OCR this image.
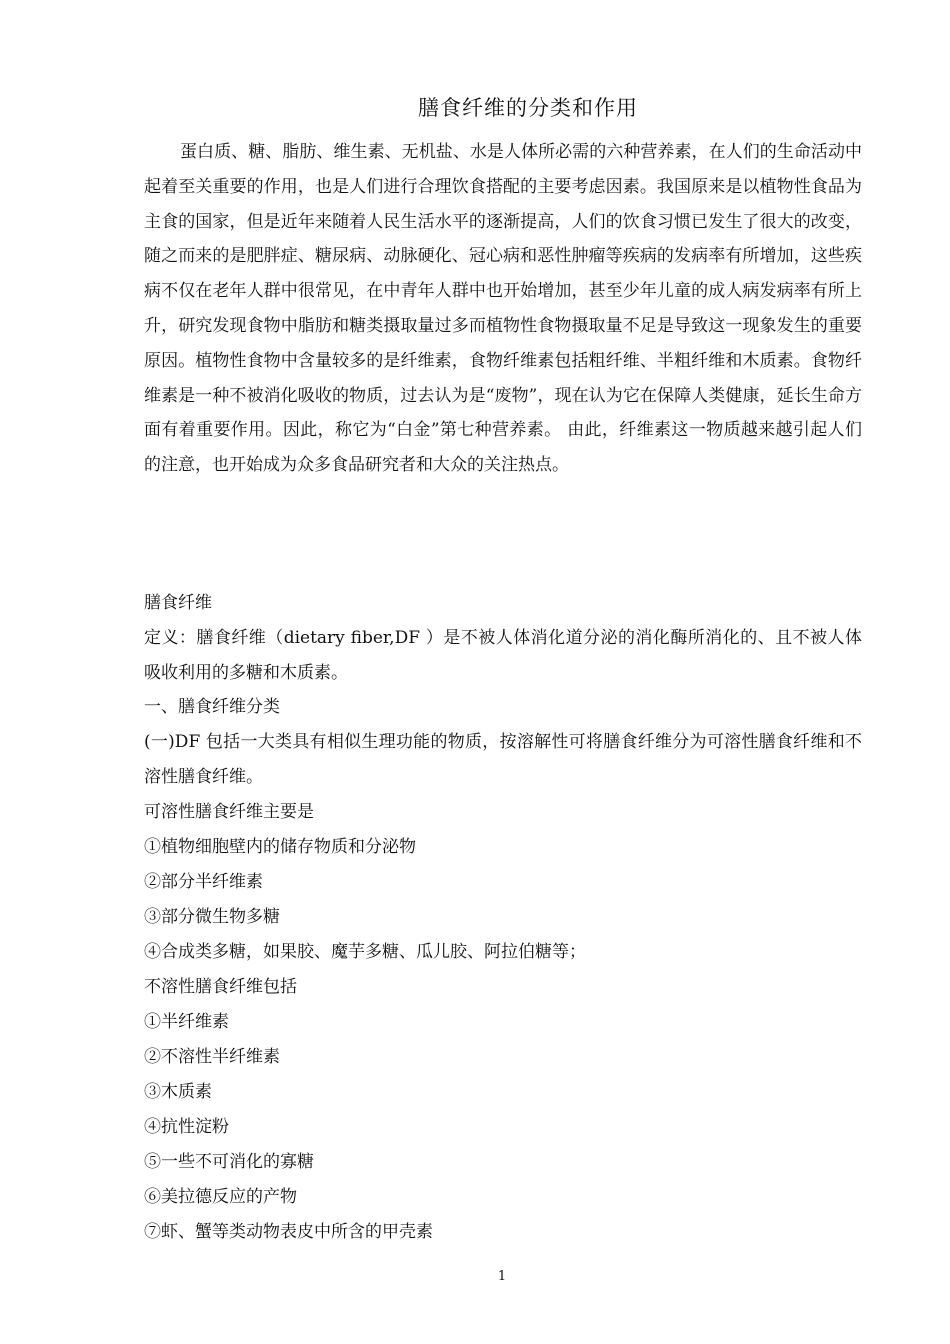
膳食纤维的分类和作用

蛋白质、糖、脂肪、维生素、无机盐、水是人体所必需的六种营养素，在人们的生命活动中起着至关重要的作用，也是人们进行合理饮食搭配的主要考虑因素。我国原来是以植物性食品为主食的国家，但是近年来随着人民生活水平的逐渐提高，人们的饮食习惯已发生了很大的改变，随之而来的是肥胖症、糖尿病、动脉硬化、冠心病和恶性肿瘤等疾病的发病率有所增加，这些疾病不仅在老年人群中很常见，在中青年人群中也开始增加，甚至少年儿童的成人病发病率有所上升，研究发现食物中脂肪和糖类摄取量过多而植物性食物摄取量不足是导致这一现象发生的重要原因。植物性食物中含量较多的是纤维素，食物纤维素包括粗纤维、半粗纤维和木质素。食物纤维素是一种不被消化吸收的物质，过去认为是“废物”，现在认为它在保障人类健康，延长生命方面有着重要作用。因此，称它为“白金”第七种营养素。 由此，纤维素这一物质越来越引起人们的注意，也开始成为众多食品研究者和大众的关注热点。

膳食纤维

定义：膳食纤维（dietary fiber,DF ）是不被人体消化道分泌的消化酶所消化的、且不被人体吸收利用的多糖和木质素。

一、膳食纤维分类

(一)DF 包括一大类具有相似生理功能的物质，按溶解性可将膳食纤维分为可溶性膳食纤维和不溶性膳食纤维。

可溶性膳食纤维主要是

①植物细胞壁内的储存物质和分泌物

②部分半纤维素

③部分微生物多糖

④合成类多糖，如果胶、魔芋多糖、瓜儿胶、阿拉伯糖等；

不溶性膳食纤维包括

①半纤维素

②不溶性半纤维素

③木质素

④抗性淀粉

⑤一些不可消化的寡糖

⑥美拉德反应的产物

⑦虾、蟹等类动物表皮中所含的甲壳素

1
